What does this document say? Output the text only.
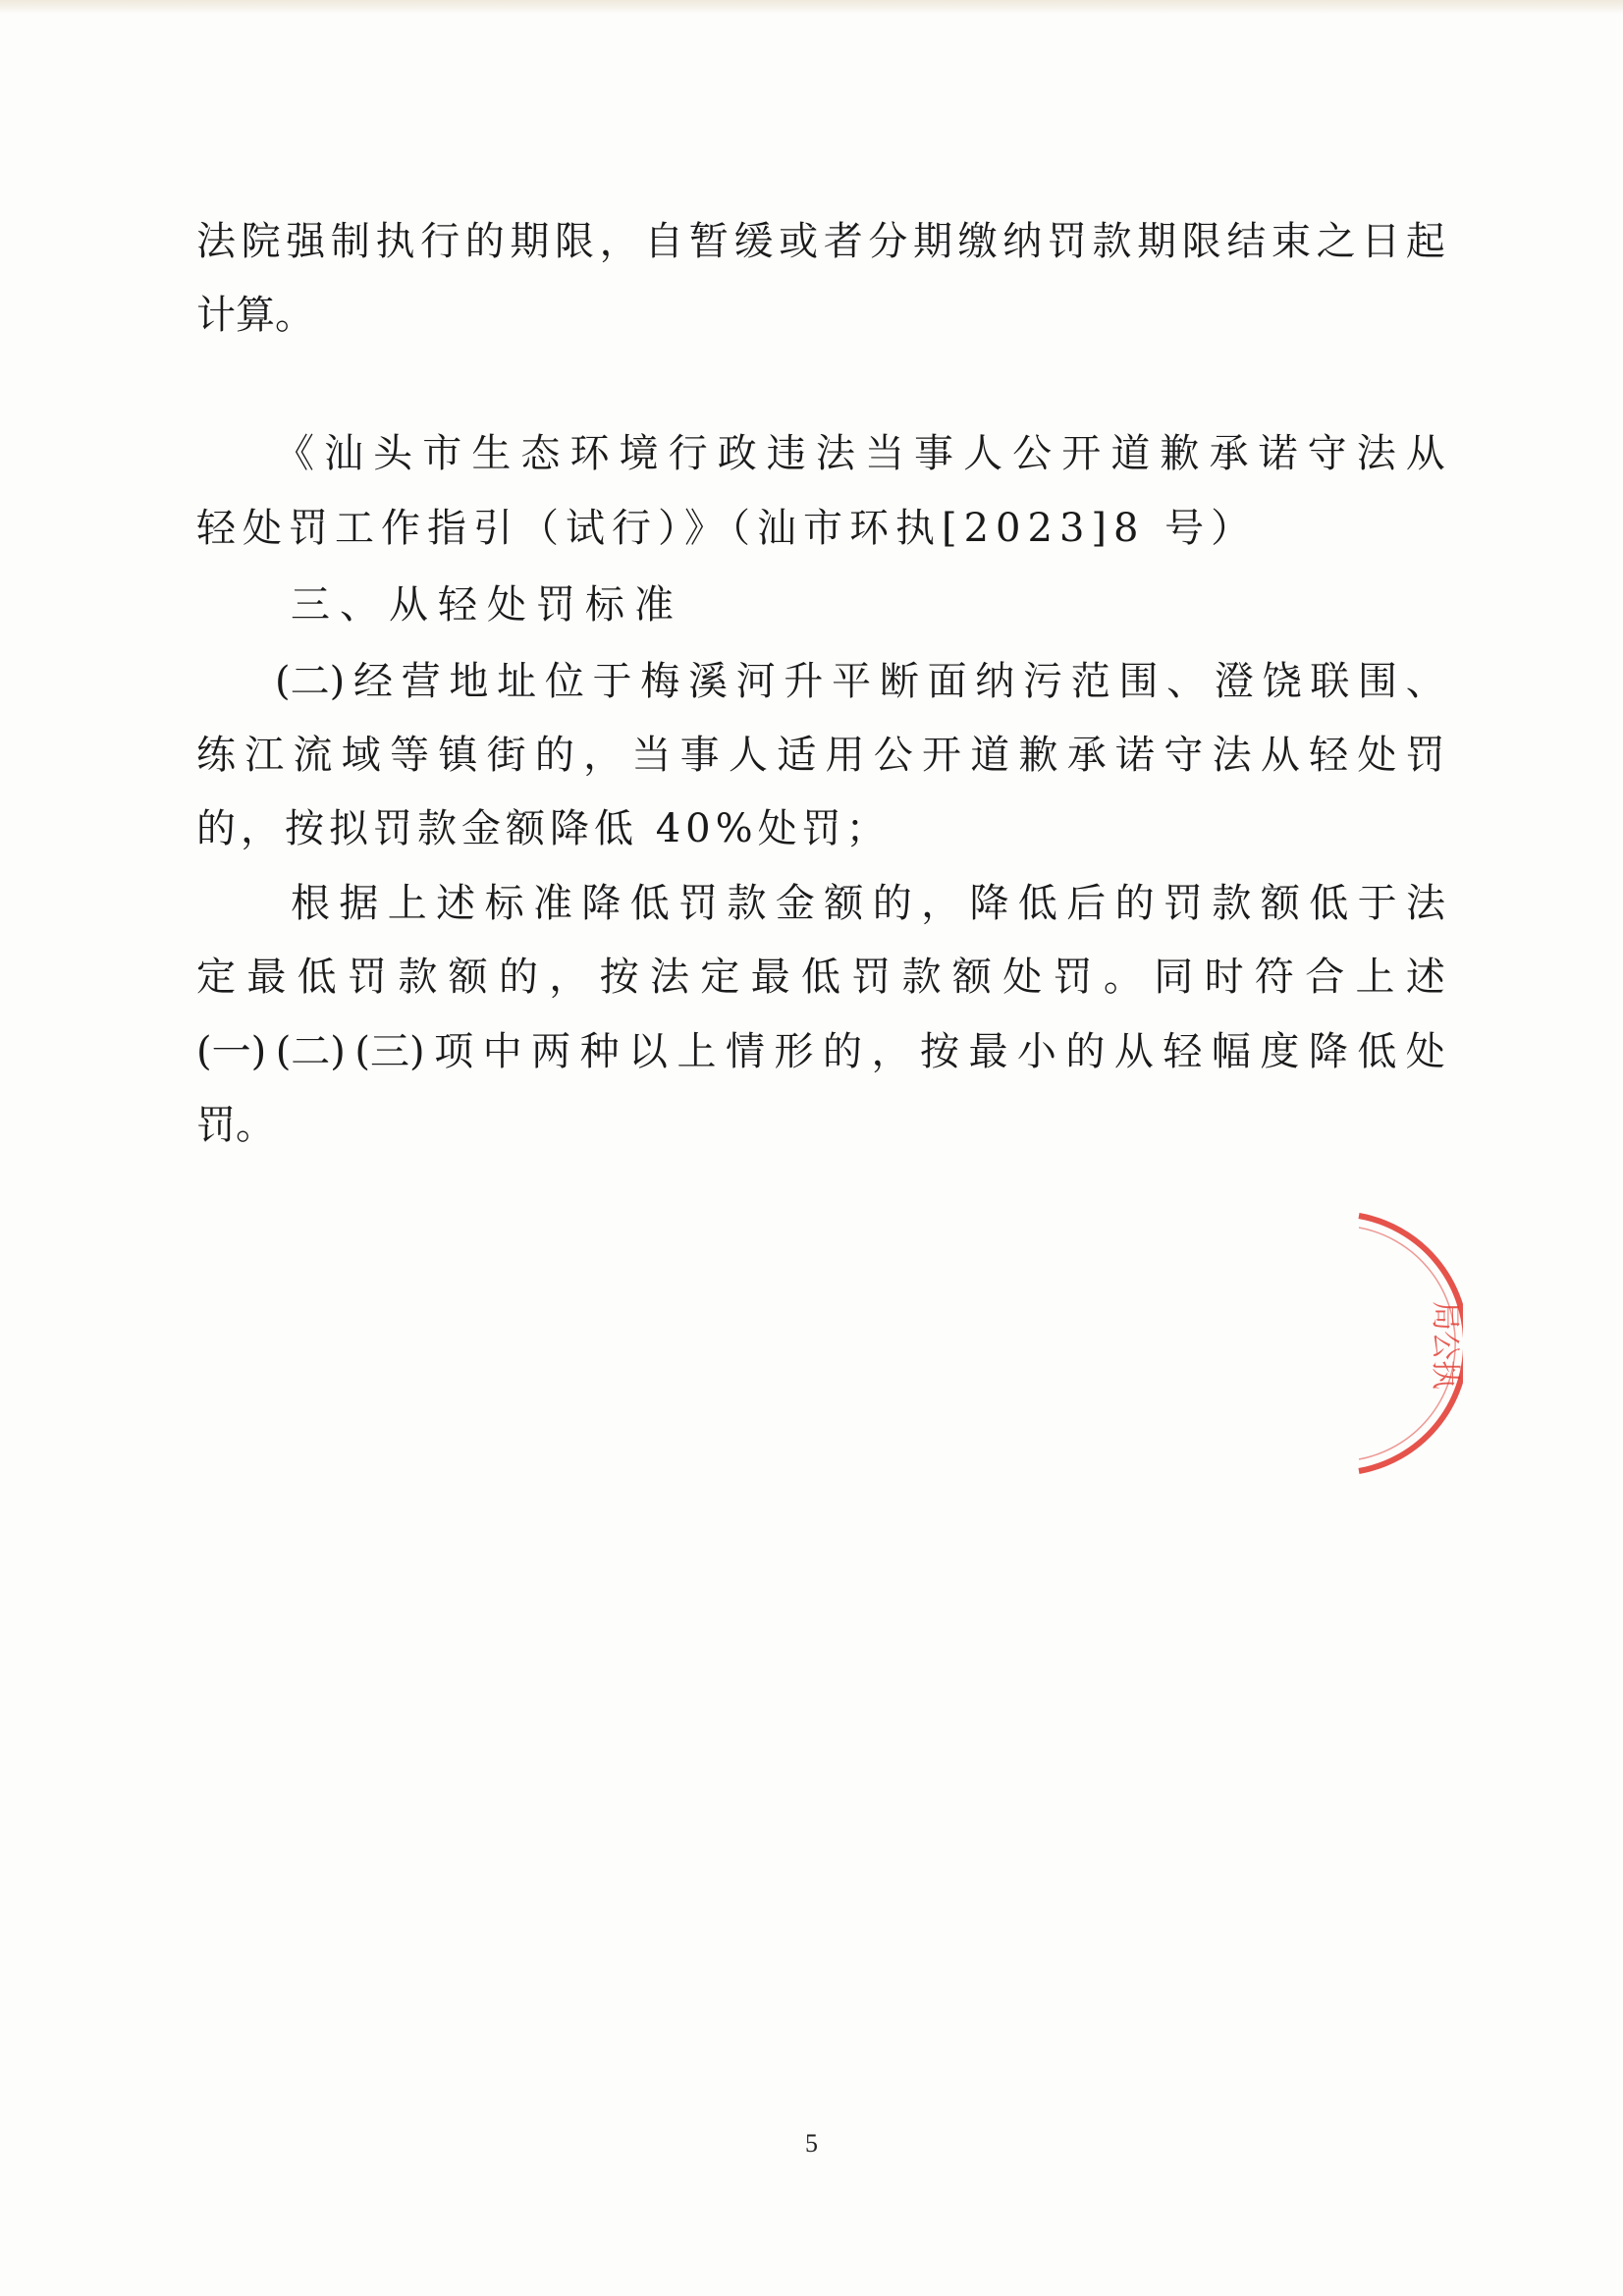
法 院 强 制 执 行 的 期 限 ， 自 暂 缓 或 者 分 期 缴 纳 罚 款 期 限 结 束 之 日 起
计算。
《 汕 头 市 生 态 环 境 行 政 违 法 当 事 人 公 开 道 歉 承 诺 守 法 从
轻处罚工作指引（试行）》（汕市环执[2023]8 号）
三、从轻处罚标准
(二) 经 营 地 址 位 于 梅 溪 河 升 平 断 面 纳 污 范 围 、 澄 饶 联 围 、
练 江 流 域 等 镇 街 的 ， 当 事 人 适 用 公 开 道 歉 承 诺 守 法 从 轻 处 罚
的，按拟罚款金额降低 40%处罚；
根 据 上 述 标 准 降 低 罚 款 金 额 的 ， 降 低 后 的 罚 款 额 低 于 法
定 最 低 罚 款 额 的 ， 按 法 定 最 低 罚 款 额 处 罚 。 同 时 符 合 上 述
(一) (二) (三) 项 中 两 种 以 上 情 形 的 ， 按 最 小 的 从 轻 幅 度 降 低 处
罚。
局公执
5
